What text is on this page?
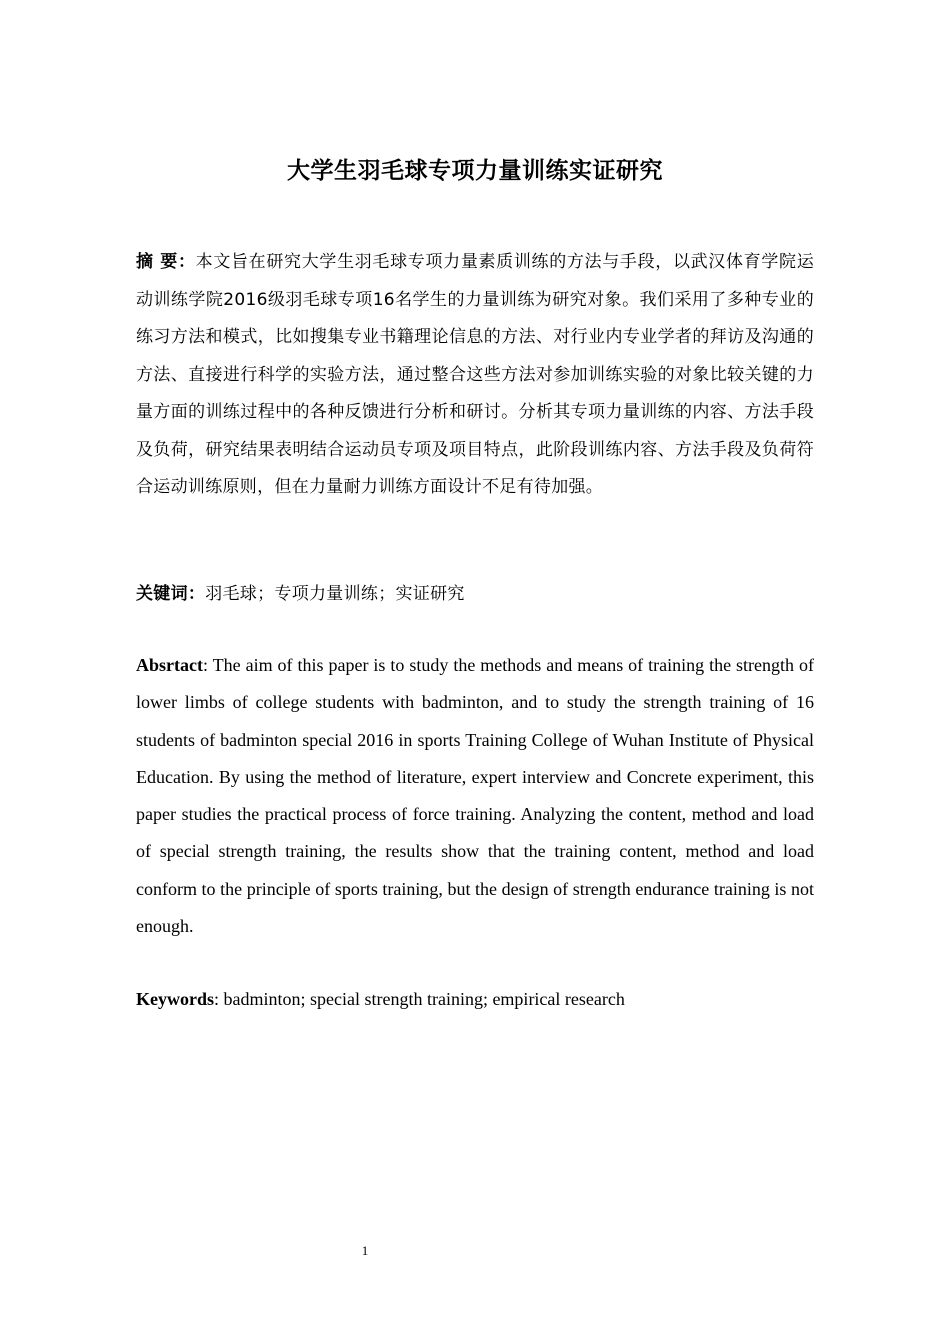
大学生羽毛球专项力量训练实证研究
摘 要：本文旨在研究大学生羽毛球专项力量素质训练的方法与手段，以武汉体育学院运动训练学院2016级羽毛球专项16名学生的力量训练为研究对象。我们采用了多种专业的练习方法和模式，比如搜集专业书籍理论信息的方法、对行业内专业学者的拜访及沟通的方法、直接进行科学的实验方法，通过整合这些方法对参加训练实验的对象比较关键的力量方面的训练过程中的各种反馈进行分析和研讨。分析其专项力量训练的内容、方法手段及负荷，研究结果表明结合运动员专项及项目特点，此阶段训练内容、方法手段及负荷符合运动训练原则，但在力量耐力训练方面设计不足有待加强。
关键词：羽毛球；专项力量训练；实证研究
Absrtact: The aim of this paper is to study the methods and means of training the strength of lower limbs of college students with badminton, and to study the strength training of 16 students of badminton special 2016 in sports Training College of Wuhan Institute of Physical Education. By using the method of literature, expert interview and Concrete experiment, this paper studies the practical process of force training. Analyzing the content, method and load of special strength training, the results show that the training content, method and load conform to the principle of sports training, but the design of strength endurance training is not enough.
Keywords: badminton; special strength training; empirical research
1
